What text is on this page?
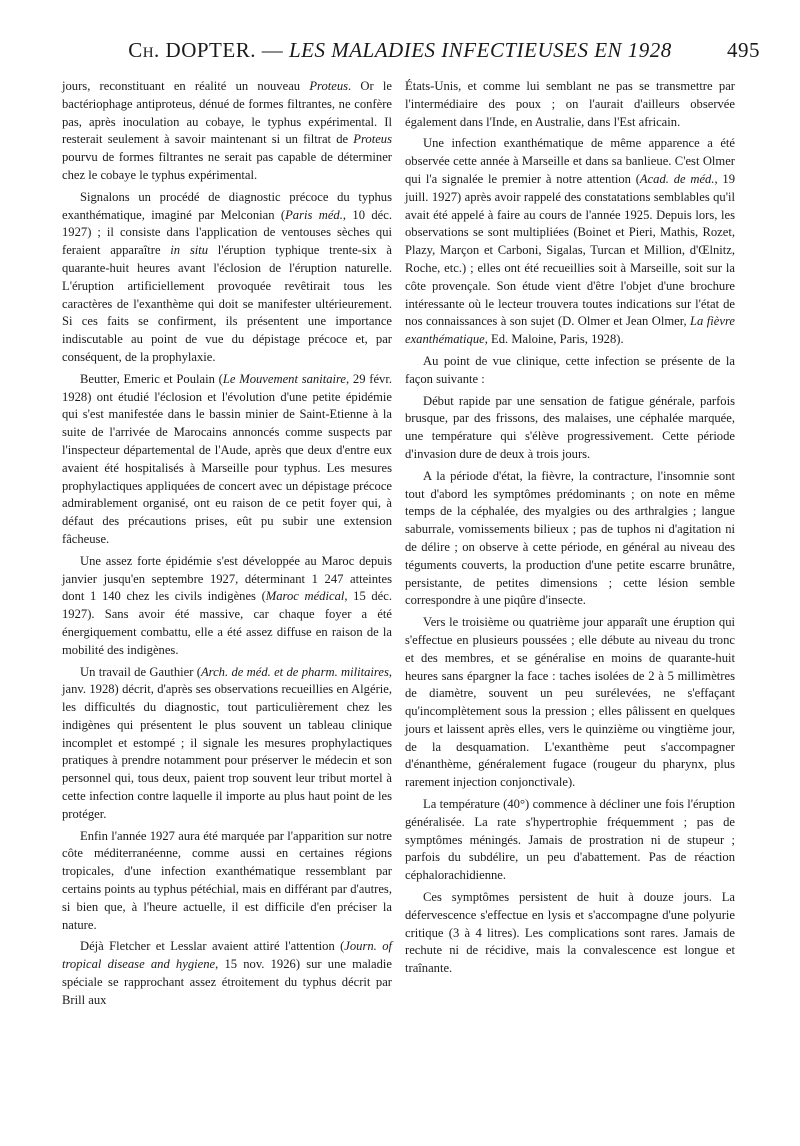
Ch. DOPTER. — LES MALADIES INFECTIEUSES EN 1928	495

jours, reconstituant en réalité un nouveau Proteus. Or le bactériophage antiproteus, dénué de formes filtrantes, ne confère pas, après inoculation au cobaye, le typhus expérimental. Il resterait seulement à savoir maintenant si un filtrat de Proteus pourvu de formes filtrantes ne serait pas capable de déterminer chez le cobaye le typhus expérimental.

Signalons un procédé de diagnostic précoce du typhus exanthématique, imaginé par Melconian (Paris méd., 10 déc. 1927) ; il consiste dans l'application de ventouses sèches qui feraient apparaître in situ l'éruption typhique trente-six à quarante-huit heures avant l'éclosion de l'éruption naturelle. L'éruption artificiellement provoquée revêtirait tous les caractères de l'exanthème qui doit se manifester ultérieurement. Si ces faits se confirment, ils présentent une importance indiscutable au point de vue du dépistage précoce et, par conséquent, de la prophylaxie.

Beutter, Emeric et Poulain (Le Mouvement sanitaire, 29 févr. 1928) ont étudié l'éclosion et l'évolution d'une petite épidémie qui s'est manifestée dans le bassin minier de Saint-Etienne à la suite de l'arrivée de Marocains annoncés comme suspects par l'inspecteur départemental de l'Aude, après que deux d'entre eux avaient été hospitalisés à Marseille pour typhus. Les mesures prophylactiques appliquées de concert avec un dépistage précoce admirablement organisé, ont eu raison de ce petit foyer qui, à défaut des précautions prises, eût pu subir une extension fâcheuse.

Une assez forte épidémie s'est développée au Maroc depuis janvier jusqu'en septembre 1927, déterminant 1 247 atteintes dont 1 140 chez les civils indigènes (Maroc médical, 15 déc. 1927). Sans avoir été massive, car chaque foyer a été énergiquement combattu, elle a été assez diffuse en raison de la mobilité des indigènes.

Un travail de Gauthier (Arch. de méd. et de pharm. militaires, janv. 1928) décrit, d'après ses observations recueillies en Algérie, les difficultés du diagnostic, tout particulièrement chez les indigènes qui présentent le plus souvent un tableau clinique incomplet et estompé ; il signale les mesures prophylactiques pratiques à prendre notamment pour préserver le médecin et son personnel qui, tous deux, paient trop souvent leur tribut mortel à cette infection contre laquelle il importe au plus haut point de les protéger.

Enfin l'année 1927 aura été marquée par l'apparition sur notre côte méditerranéenne, comme aussi en certaines régions tropicales, d'une infection exanthématique ressemblant par certains points au typhus pétéchial, mais en différant par d'autres, si bien que, à l'heure actuelle, il est difficile d'en préciser la nature.

Déjà Fletcher et Lesslar avaient attiré l'attention (Journ. of tropical disease and hygiene, 15 nov. 1926) sur une maladie spéciale se rapprochant assez étroitement du typhus décrit par Brill aux

États-Unis, et comme lui semblant ne pas se transmettre par l'intermédiaire des poux ; on l'aurait d'ailleurs observée également dans l'Inde, en Australie, dans l'Est africain.

Une infection exanthématique de même apparence a été observée cette année à Marseille et dans sa banlieue. C'est Olmer qui l'a signalée le premier à notre attention (Acad. de méd., 19 juill. 1927) après avoir rappelé des constatations semblables qu'il avait été appelé à faire au cours de l'année 1925. Depuis lors, les observations se sont multipliées (Boinet et Pieri, Mathis, Rozet, Plazy, Marçon et Carboni, Sigalas, Turcan et Million, d'Œlnitz, Roche, etc.) ; elles ont été recueillies soit à Marseille, soit sur la côte provençale. Son étude vient d'être l'objet d'une brochure intéressante où le lecteur trouvera toutes indications sur l'état de nos connaissances à son sujet (D. Olmer et Jean Olmer, La fièvre exanthématique, Ed. Maloine, Paris, 1928).

Au point de vue clinique, cette infection se présente de la façon suivante :

Début rapide par une sensation de fatigue générale, parfois brusque, par des frissons, des malaises, une céphalée marquée, une température qui s'élève progressivement. Cette période d'invasion dure de deux à trois jours.

A la période d'état, la fièvre, la contracture, l'insomnie sont tout d'abord les symptômes prédominants ; on note en même temps de la céphalée, des myalgies ou des arthralgies ; langue saburrale, vomissements bilieux ; pas de tuphos ni d'agitation ni de délire ; on observe à cette période, en général au niveau des téguments couverts, la production d'une petite escarre brunâtre, persistante, de petites dimensions ; cette lésion semble correspondre à une piqûre d'insecte.

Vers le troisième ou quatrième jour apparaît une éruption qui s'effectue en plusieurs poussées ; elle débute au niveau du tronc et des membres, et se généralise en moins de quarante-huit heures sans épargner la face : taches isolées de 2 à 5 millimètres de diamètre, souvent un peu surélevées, ne s'effaçant qu'incomplètement sous la pression ; elles pâlissent en quelques jours et laissent après elles, vers le quinzième ou vingtième jour, de la desquamation. L'exanthème peut s'accompagner d'énanthème, généralement fugace (rougeur du pharynx, plus rarement injection conjonctivale).

La température (40°) commence à décliner une fois l'éruption généralisée. La rate s'hypertrophie fréquemment ; pas de symptômes méningés. Jamais de prostration ni de stupeur ; parfois du subdélire, un peu d'abattement. Pas de réaction céphalorachidienne.

Ces symptômes persistent de huit à douze jours. La défervescence s'effectue en lysis et s'accompagne d'une polyurie critique (3 à 4 litres). Les complications sont rares. Jamais de rechute ni de récidive, mais la convalescence est longue et traînante.
